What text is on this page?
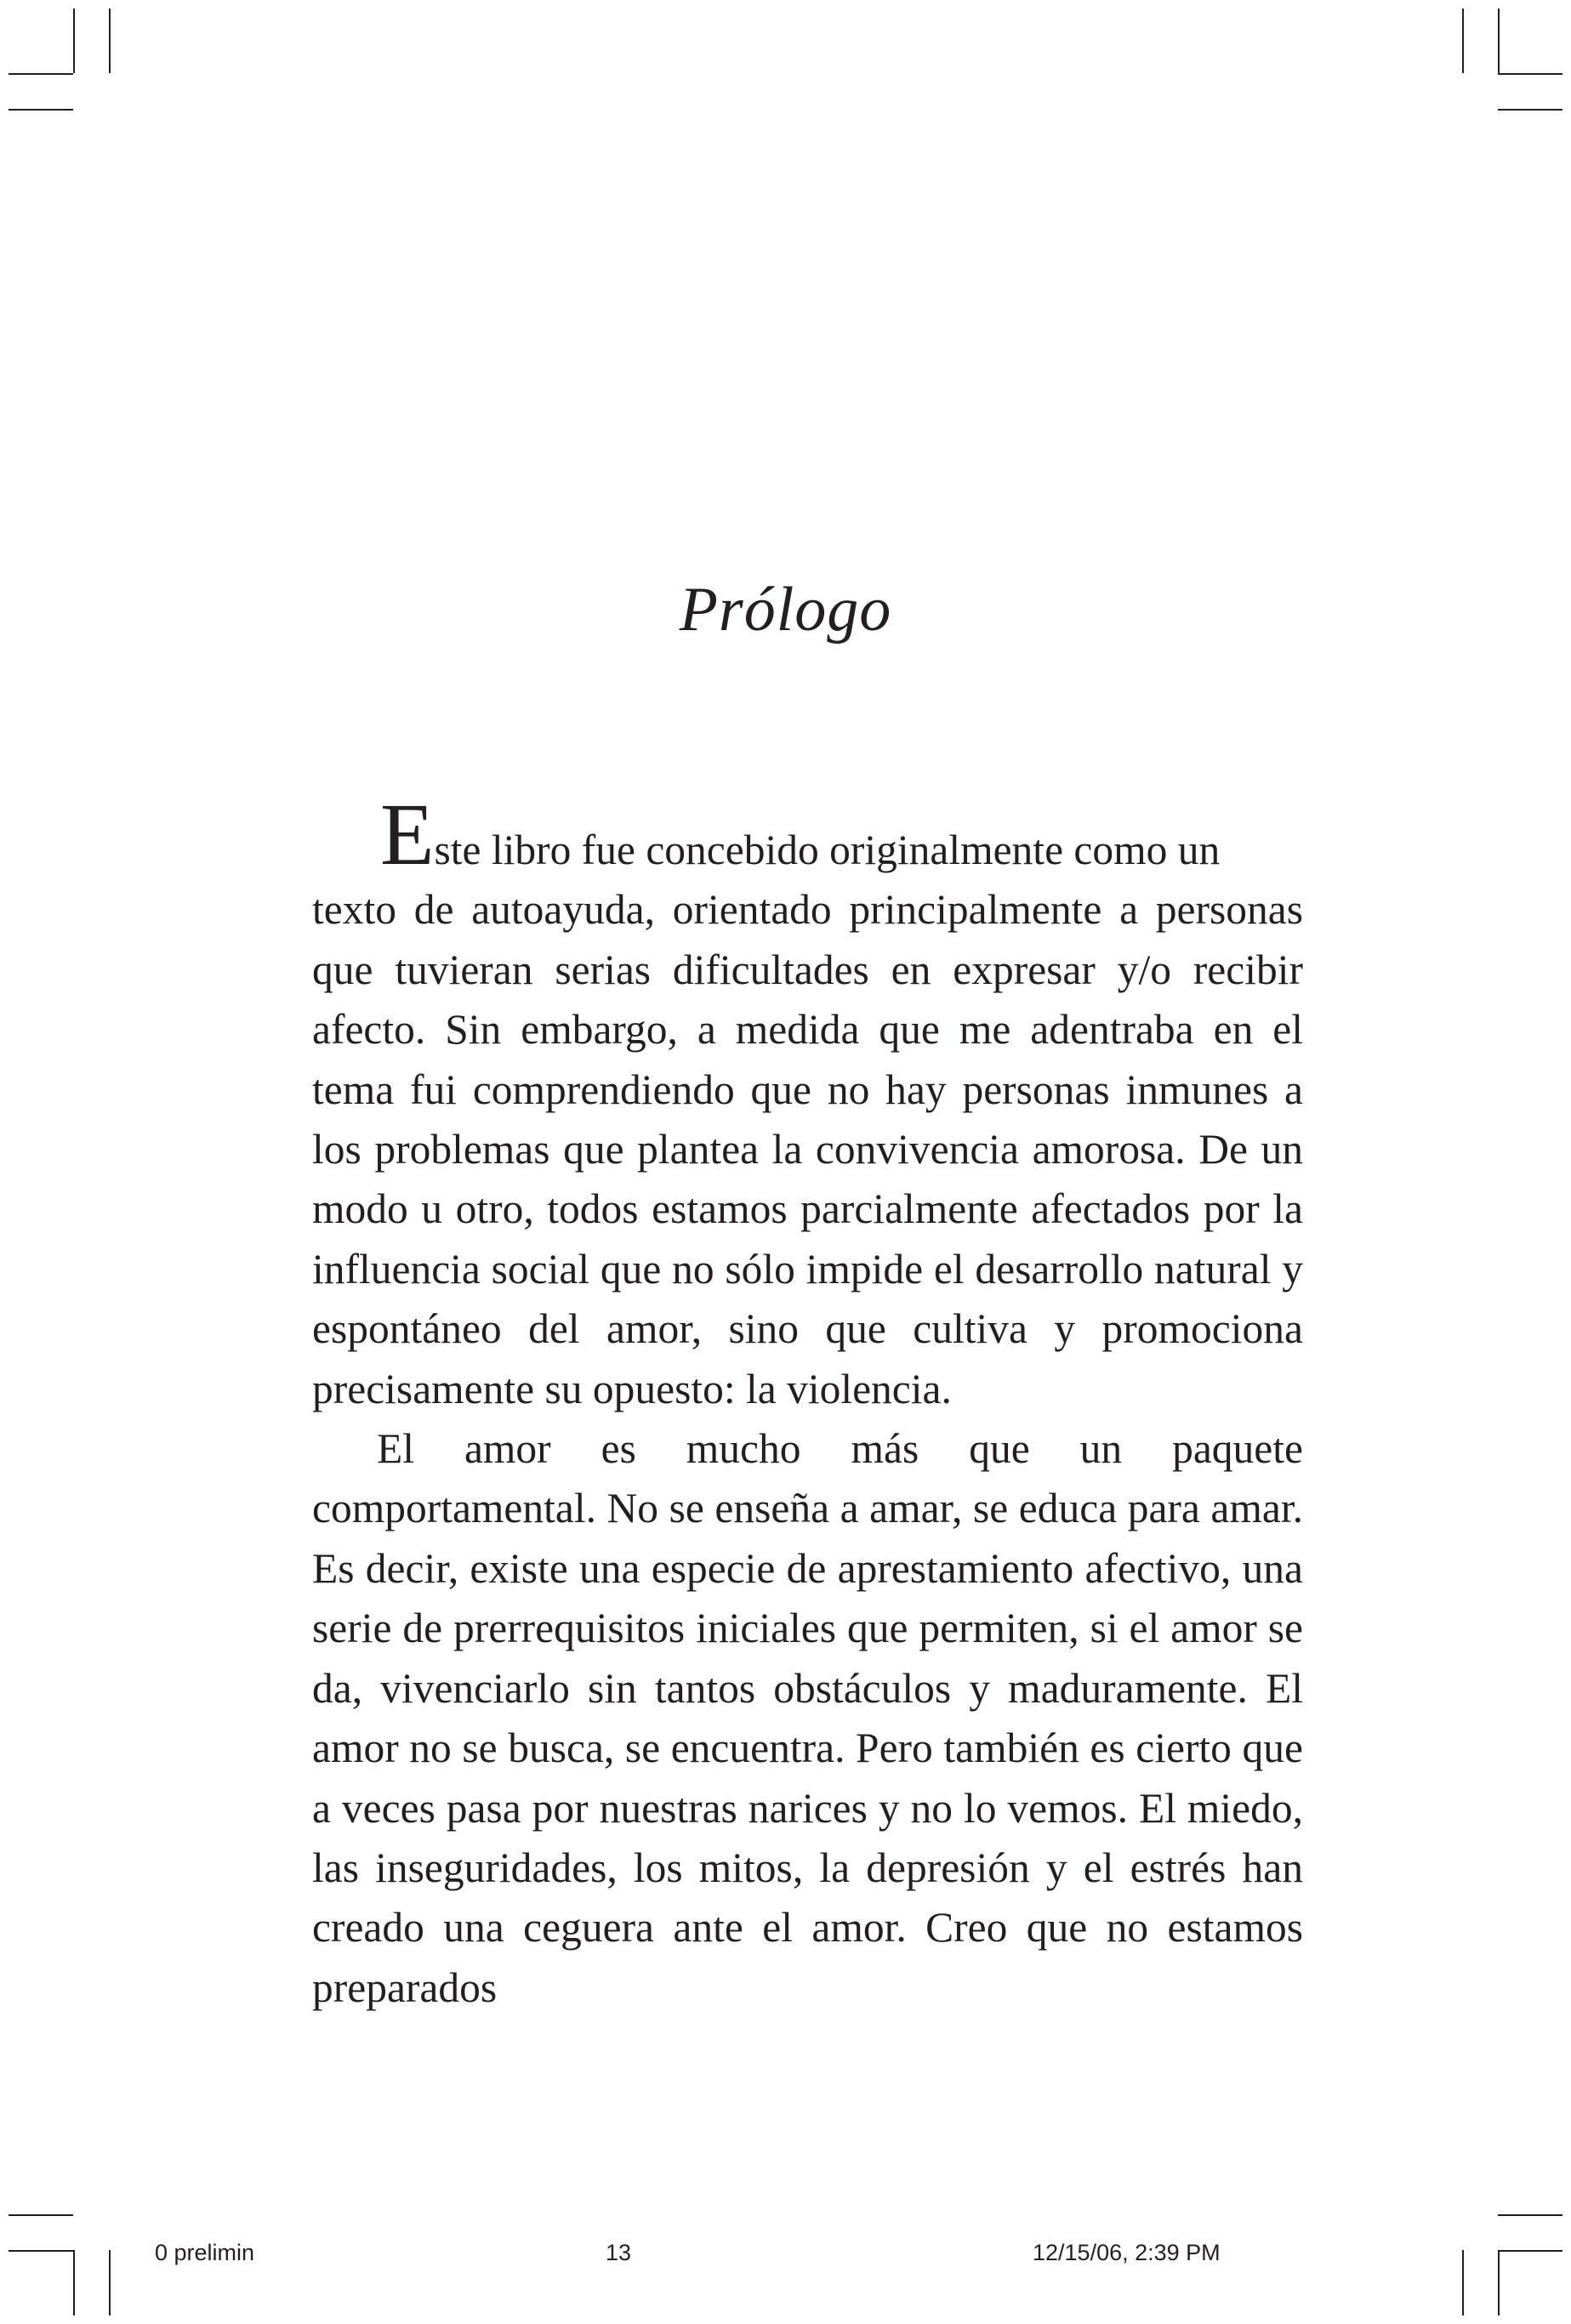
Prólogo

Este libro fue concebido originalmente como un
texto de autoayuda, orientado principalmente a personas que tuvieran serias dificultades en expresar y/o recibir afecto. Sin embargo, a medida que me adentraba en el tema fui comprendiendo que no hay personas inmunes a los problemas que plantea la convivencia amorosa. De un modo u otro, todos estamos parcialmente afectados por la influencia social que no sólo impide el desarrollo natural y espontáneo del amor, sino que cultiva y promociona precisamente su opuesto: la violencia.

El amor es mucho más que un paquete comportamental. No se enseña a amar, se educa para amar. Es decir, existe una especie de aprestamiento afectivo, una serie de prerrequisitos iniciales que permiten, si el amor se da, vivenciarlo sin tantos obstáculos y maduramente. El amor no se busca, se encuentra. Pero también es cierto que a veces pasa por nuestras narices y no lo vemos. El miedo, las inseguridades, los mitos, la depresión y el estrés han creado una ceguera ante el amor. Creo que no estamos preparados

0 prelimin	13	12/15/06, 2:39 PM
